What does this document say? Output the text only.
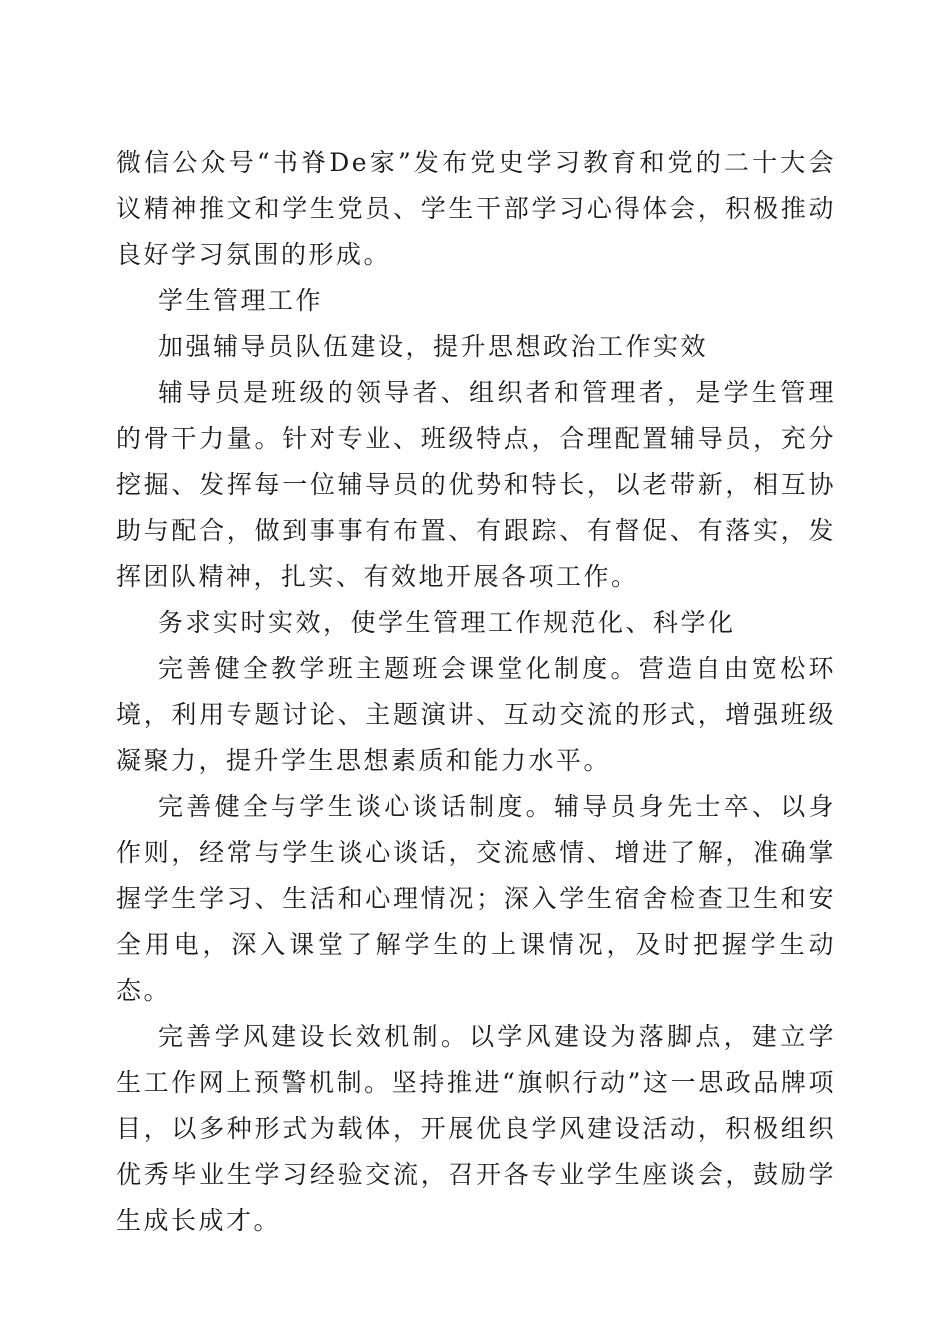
微信公众号“书脊De家”发布党史学习教育和党的二十大会议精神推文和学生党员、学生干部学习心得体会，积极推动良好学习氛围的形成。

学生管理工作

加强辅导员队伍建设，提升思想政治工作实效

辅导员是班级的领导者、组织者和管理者，是学生管理的骨干力量。针对专业、班级特点，合理配置辅导员，充分挖掘、发挥每一位辅导员的优势和特长，以老带新，相互协助与配合，做到事事有布置、有跟踪、有督促、有落实，发挥团队精神，扎实、有效地开展各项工作。

务求实时实效，使学生管理工作规范化、科学化

完善健全教学班主题班会课堂化制度。营造自由宽松环境，利用专题讨论、主题演讲、互动交流的形式，增强班级凝聚力，提升学生思想素质和能力水平。

完善健全与学生谈心谈话制度。辅导员身先士卒、以身作则，经常与学生谈心谈话，交流感情、增进了解，准确掌握学生学习、生活和心理情况；深入学生宿舍检查卫生和安全用电，深入课堂了解学生的上课情况，及时把握学生动态。

完善学风建设长效机制。以学风建设为落脚点，建立学生工作网上预警机制。坚持推进“旗帜行动”这一思政品牌项目，以多种形式为载体，开展优良学风建设活动，积极组织优秀毕业生学习经验交流，召开各专业学生座谈会，鼓励学生成长成才。
